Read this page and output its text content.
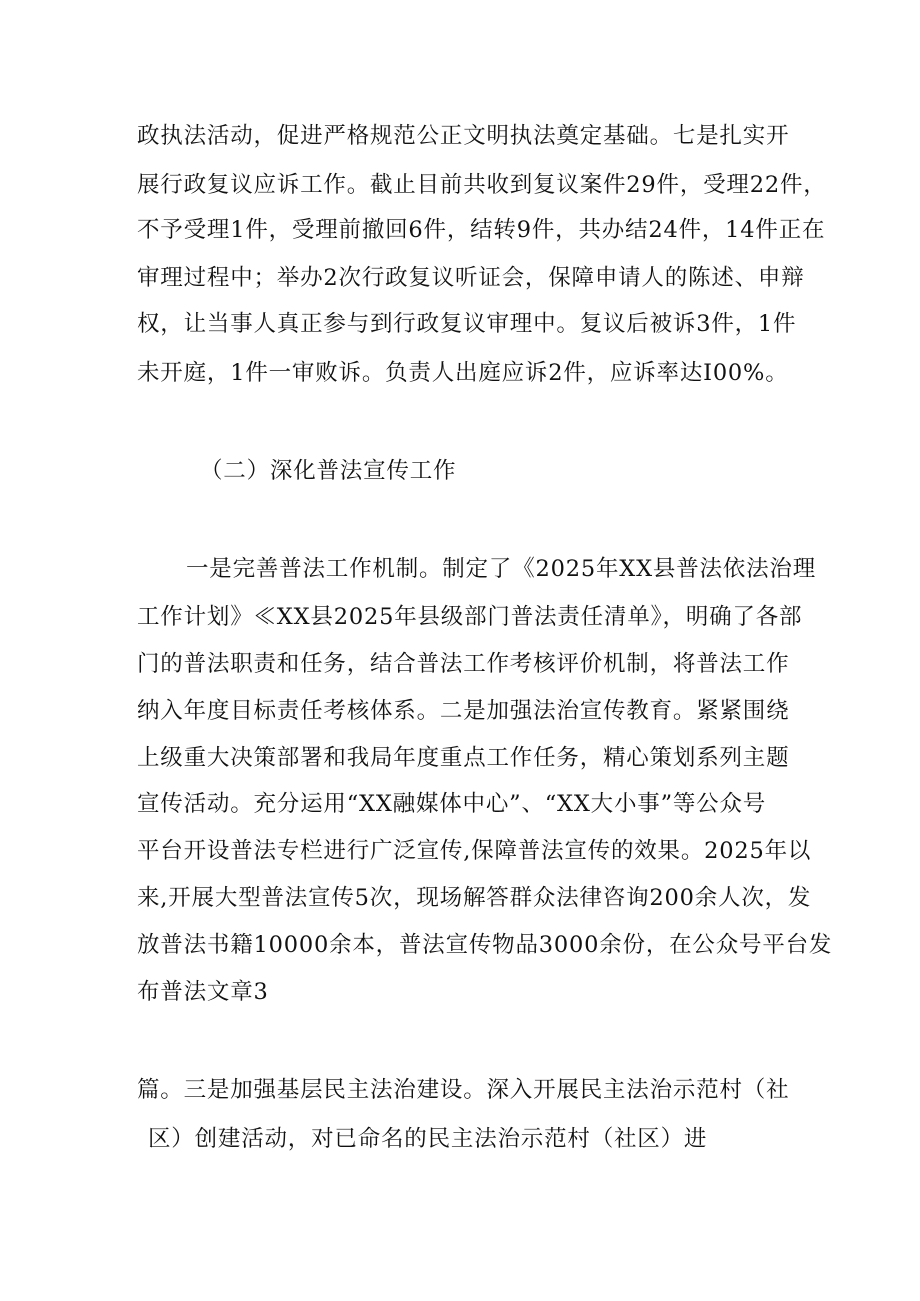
政执法活动，促进严格规范公正文明执法奠定基础。七是扎实开
展行政复议应诉工作。截止目前共收到复议案件29件，受理22件，
不予受理1件，受理前撤回6件，结转9件，共办结24件，14件正在
审理过程中；举办2次行政复议听证会，保障申请人的陈述、申辩
权，让当事人真正参与到行政复议审理中。复议后被诉3件，1件
未开庭，1件一审败诉。负责人出庭应诉2件，应诉率达I00%。
（二）深化普法宣传工作
一是完善普法工作机制。制定了《2025年XX县普法依法治理
工作计划》≪XX县2025年县级部门普法责任清单》，明确了各部
门的普法职责和任务，结合普法工作考核评价机制，将普法工作
纳入年度目标责任考核体系。二是加强法治宣传教育。紧紧围绕
上级重大决策部署和我局年度重点工作任务，精心策划系列主题
宣传活动。充分运用“XX融媒体中心”、“XX大小事”等公众号
平台开设普法专栏进行广泛宣传,保障普法宣传的效果。2025年以
来,开展大型普法宣传5次，现场解答群众法律咨询200余人次，发
放普法书籍10000余本，普法宣传物品3000余份，在公众号平台发
布普法文章3
篇。三是加强基层民主法治建设。深入开展民主法治示范村（社
区）创建活动，对已命名的民主法治示范村（社区）进
